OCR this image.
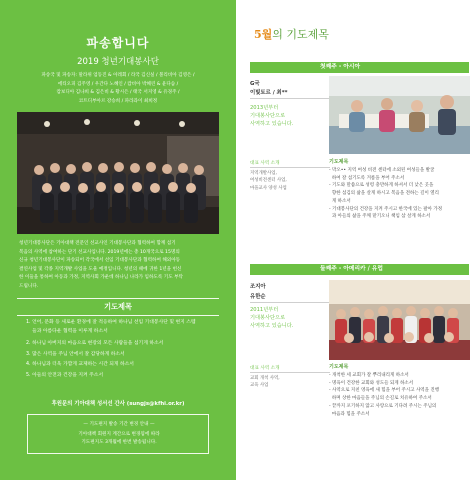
파송합니다
2019 청년기대봉사단
파송국 및 파송자: 말라위 엄동진 & 아레회 / 라국 김신실 / 볼리비아 김영은 /
에티오피 김주영 / 우간다 노혜인 / 캄비아 박혜린 & 윤다솜 /
캄보디아 김나희 & 김은비 & 황시은 / 태국 서지영 & 유경주 /
코트디부아르 강승희 / 파라과이 최희정
청년기대봉사단은 기아대책 전문인 선교사인 기대봉사단과 협력하여 함께 섬기
복음의 사역에 참여하는 단기 선교사입니다. 2019년에는 총 10개국으로 15명의
신규 청년기대봉사단이 파송되어 각국에서 선임 기대봉사단과 협력하여 해외아동
결연사업 및 각종 지역개발 사업을 도울 예정입니다. 청년의 때에 귀한 1년을 헌신
한 이들을 통하여 아동과 가정, 지역사회 가운데 하나님 나라가 임하도록 기도 부탁
드립니다.
기도제목
1. 언어, 문화 등 새로운 환경에 잘 적응하여 하나님 선임 기대봉사단 및 현지 스텝
들과 아름다운 협력을 이루게 하소서
2. 하나님 아버지의 마음으로 현장의 모든 사람들을 섬기게 하소서
3. 많은 사역을 주님 안에서 잘 감당하게 하소서
4. 하나님과 더욱 가깝게 교제하는 시간 되게 하소서
5. 아들의 안전과 건강을 지켜 주소서
후원문의 기아대책 성서선 간사 (sungjs@kfhi.or.kr)
— 기도편지 발송 기간 변경 안내 —
기아대책 회원지 계간으로 변경됨에 따라
기도편지도 3개월에 한번 발송됩니다.
5월의 기도제목
첫째주 - 아시아
G국
이빛토르 / 최**
2013년부터
기대봉사단으로
사역하고 있습니다.
대표 사역 소개
지역개발사업,
여성비전센터 사업,
마을교사 양성 사업
기도제목
- 막오•• 지역 여성 비전 센터에 소외된 여성들을 발굴
하여 잘 섬기도록 겨룸을 부어 주소서
- 기도와 말씀으로 성령 충만하게 하셔서 더 낮은 곳을
향한 섬김의 삶을 살게 하시고 복음을 전하는 길이 열리
게 하소서
- 기대봉사단의 건강을 지켜 주시고 한국에 있는 팔아 가정
과 아들의 삶을 주께 맡기오니 책임 삼 살게 하소서
둘째주 - 아메리카 / 유럽
조지아
유한순
2011년부터
기대봉사단으로
사역하고 있습니다.
대표 사역 소개
교회 개척 사역,
교육 사업
기도제목
- 개척한 세 교회가 잘 뿌리내리게 하소서
- 명육이 건강한 교회와 성도들 되게 하소서
- 사역으로 지친 영육에 새 힘을 부어 주시고 사역을 진행
하며 상한 마음들을 주님의 손길로 치유하여 주소서
- 끝까지 포기하지 않고 사랑으로 기다려 주시는 주님의
마음과 힘을 주소서
